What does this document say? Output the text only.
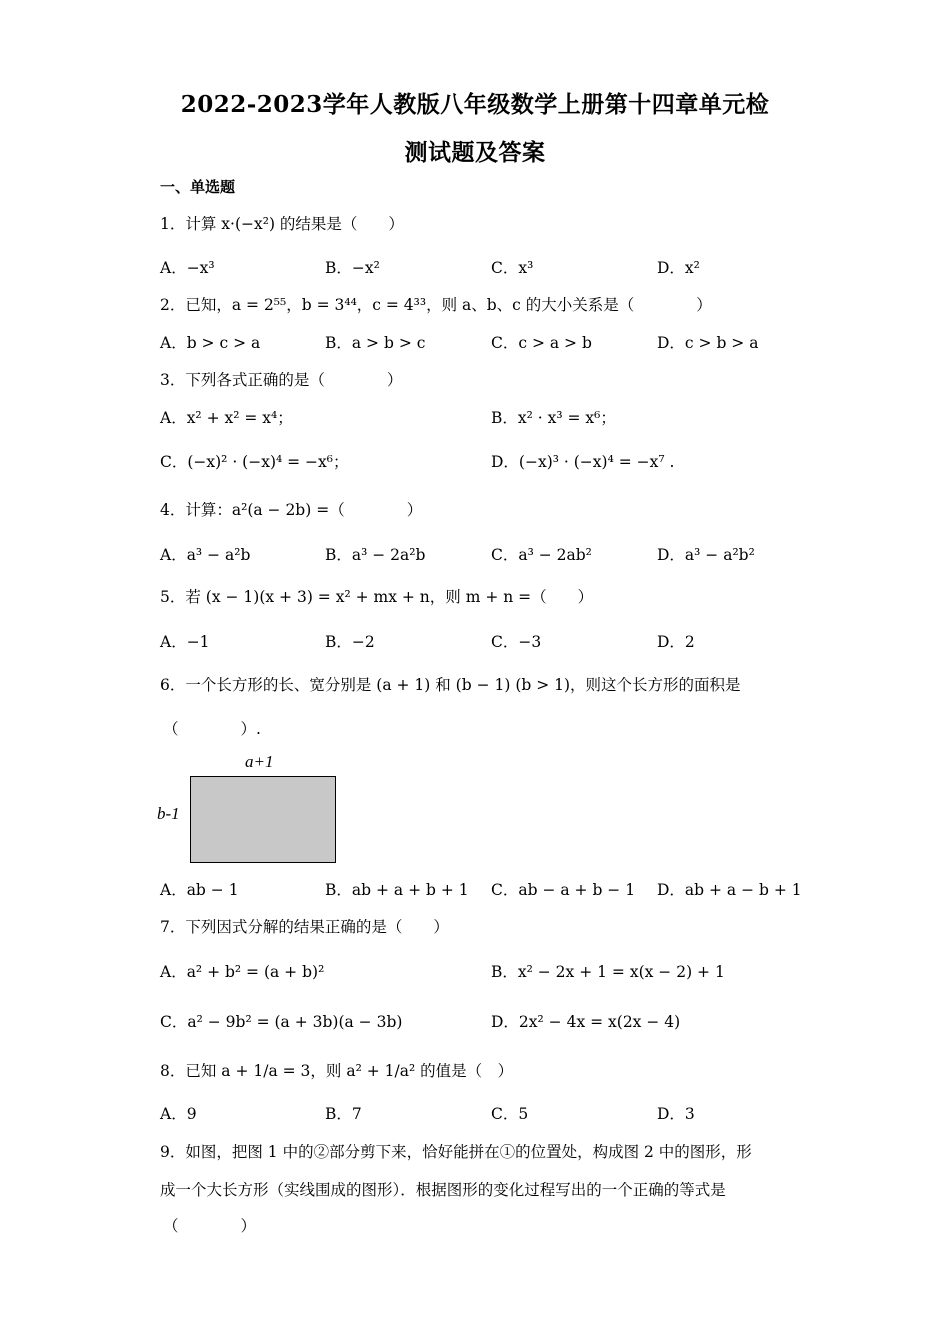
2022-2023学年人教版八年级数学上册第十四章单元检
测试题及答案
一、单选题
1．计算 x·(−x²) 的结果是（　　）
A．−x³	B．−x²	C．x³	D．x²
2．已知，a = 2⁵⁵，b = 3⁴⁴，c = 4³³，则 a、b、c 的大小关系是（　　　　）
A．b > c > a	B．a > b > c	C．c > a > b	D．c > b > a
3．下列各式正确的是（　　　　）
A．x² + x² = x⁴；	B．x² · x³ = x⁶；
C．(−x)² · (−x)⁴ = −x⁶；	D．(−x)³ · (−x)⁴ = −x⁷ .
4．计算：a²(a − 2b) =（　　　　）
A．a³ − a²b	B．a³ − 2a²b	C．a³ − 2ab²	D．a³ − a²b²
5．若 (x − 1)(x + 3) = x² + mx + n，则 m + n =（　　）
A．−1	B．−2	C．−3	D．2
6．一个长方形的长、宽分别是 (a + 1) 和 (b − 1) (b > 1)，则这个长方形的面积是
（　　　　）.
a+1
b-1
A．ab − 1	B．ab + a + b + 1 C．ab − a + b − 1 D．ab + a − b + 1
7．下列因式分解的结果正确的是（　　）
A．a² + b² = (a + b)²	B．x² − 2x + 1 = x(x − 2) + 1
C．a² − 9b² = (a + 3b)(a − 3b)	D．2x² − 4x = x(2x − 4)
8．已知 a + 1/a = 3，则 a² + 1/a² 的值是（　）
A．9	B．7	C．5	D．3
9．如图，把图 1 中的②部分剪下来，恰好能拼在①的位置处，构成图 2 中的图形，形
成一个大长方形（实线围成的图形）．根据图形的变化过程写出的一个正确的等式是
（　　　　）
